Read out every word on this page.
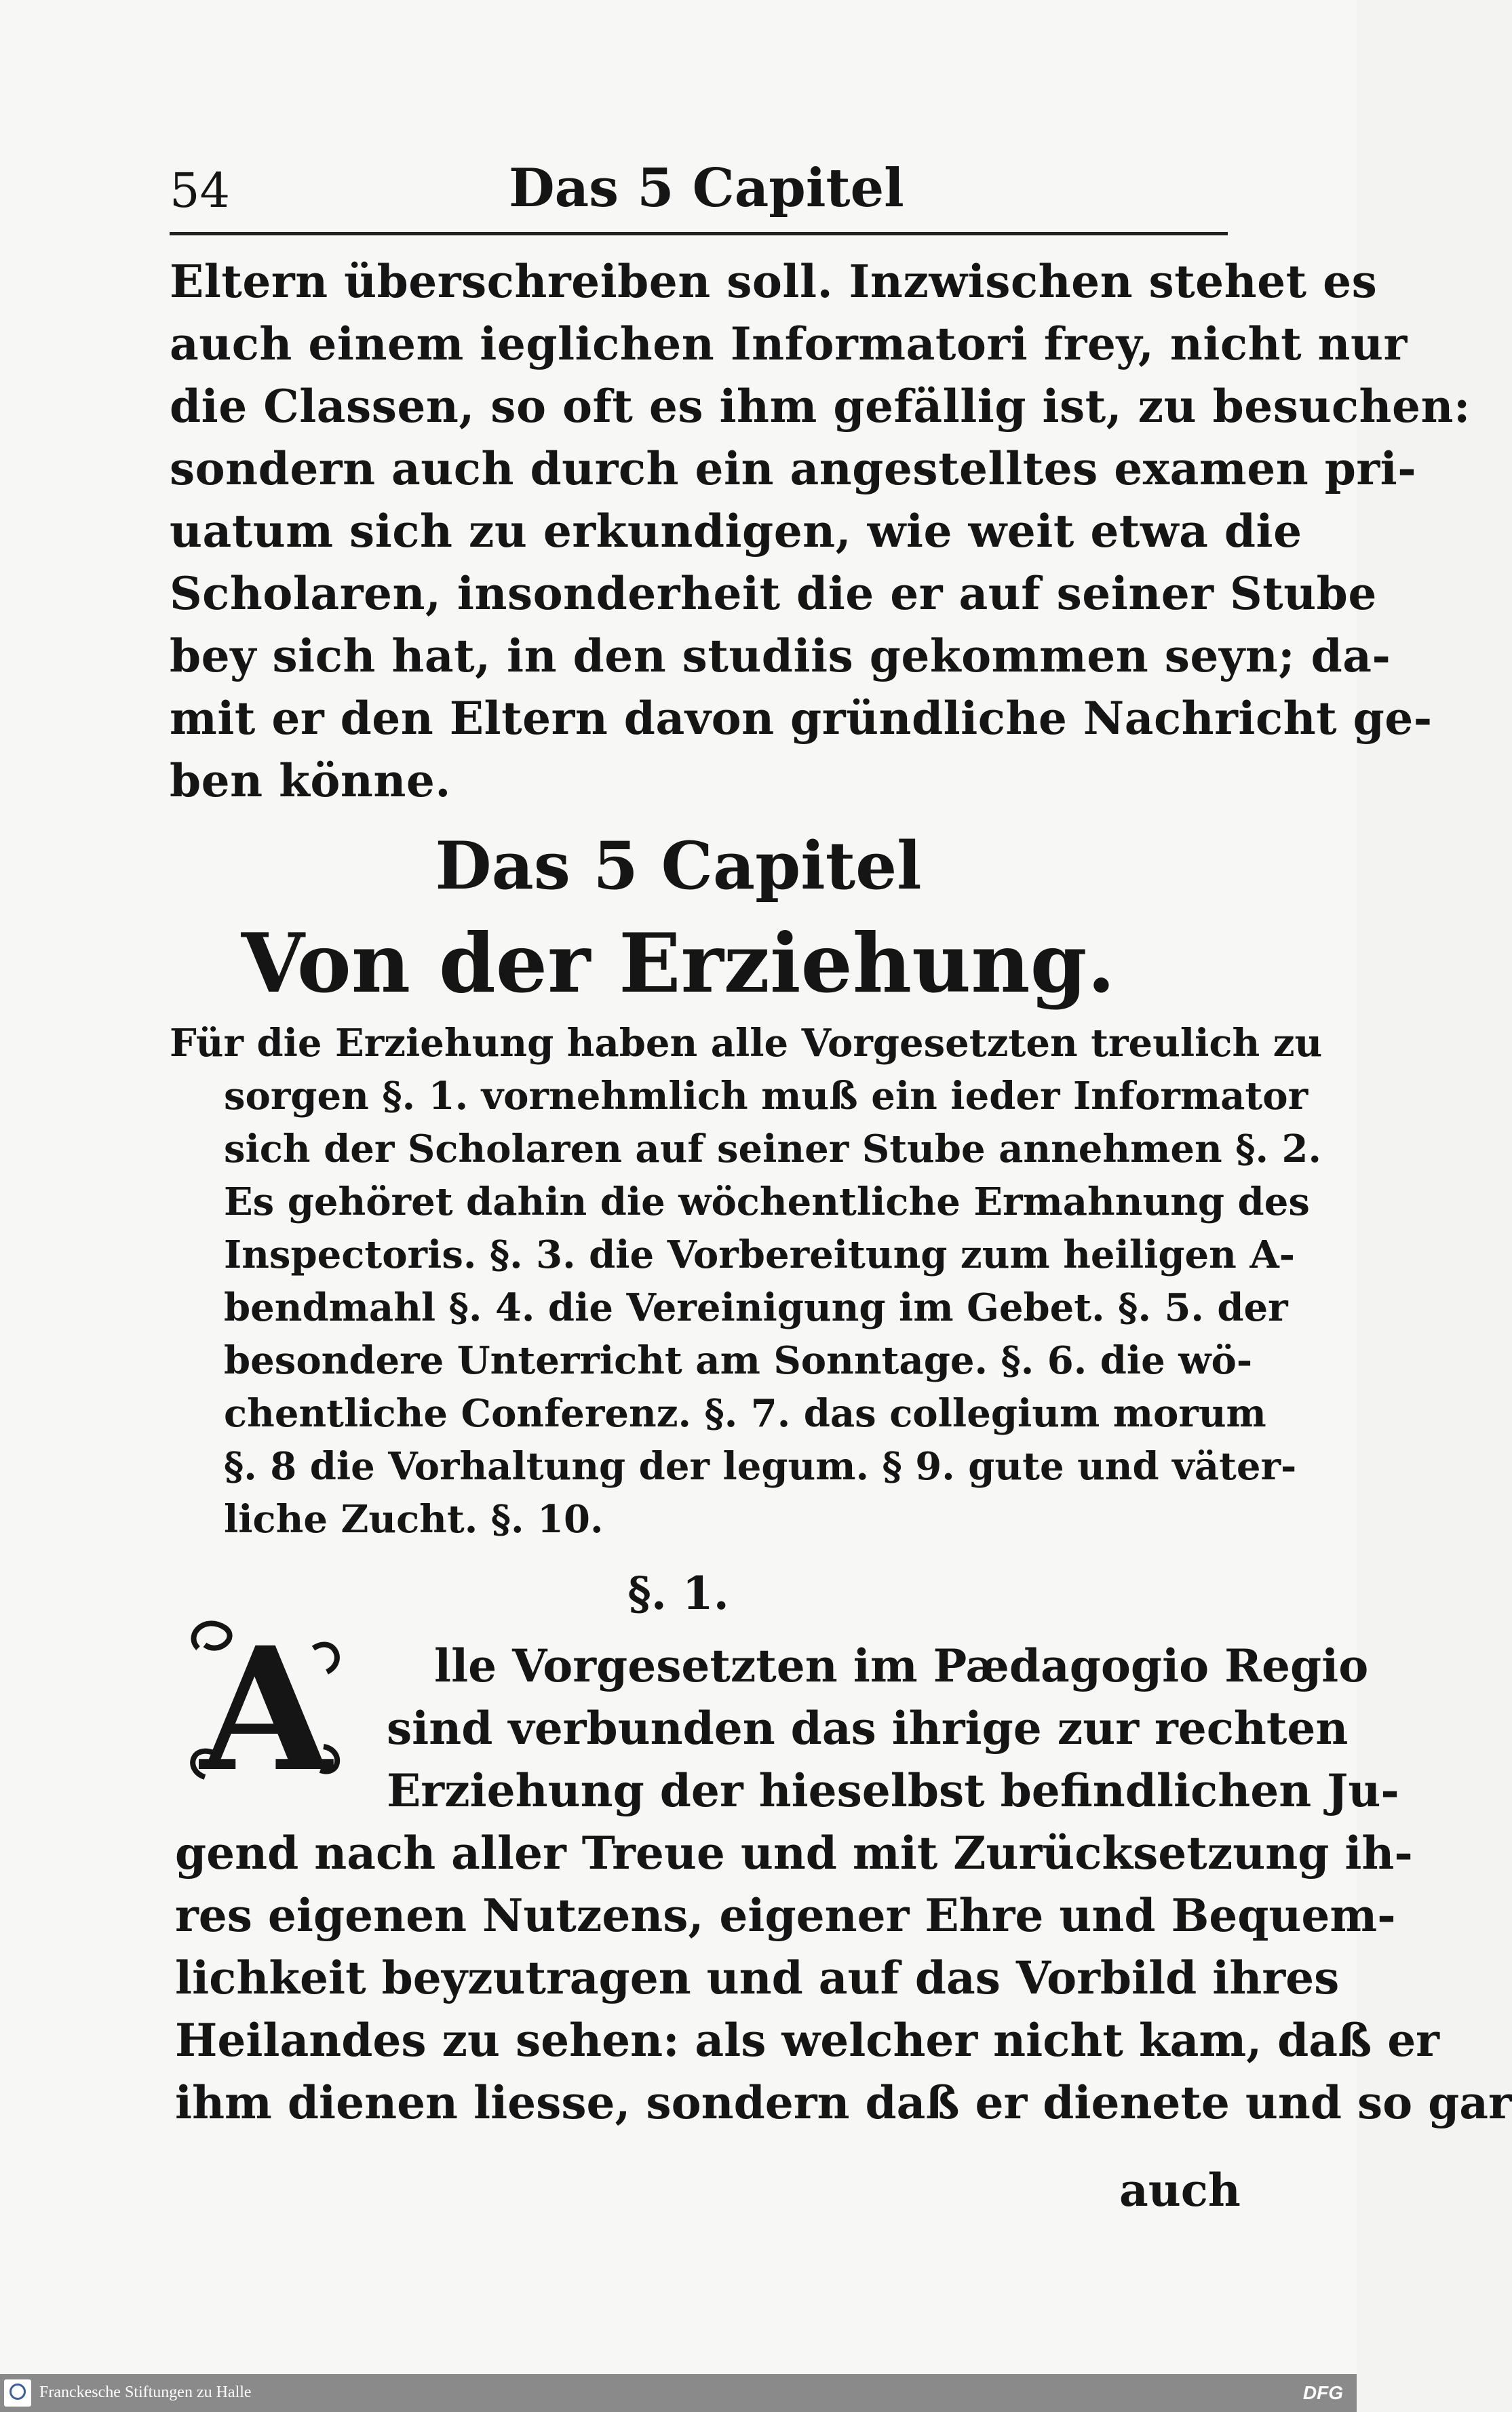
54	Das 5 Capitel
Eltern überschreiben soll. Inzwischen stehet es
auch einem ieglichen Informatori frey, nicht nur
die Classen, so oft es ihm gefällig ist, zu besuchen:
sondern auch durch ein angestelltes examen pri-
uatum sich zu erkundigen, wie weit etwa die
Scholaren, insonderheit die er auf seiner Stube
bey sich hat, in den studiis gekommen seyn; da-
mit er den Eltern davon gründliche Nachricht ge-
ben könne.
Das 5 Capitel
Von der Erziehung.
Für die Erziehung haben alle Vorgesetzten treulich zu
sorgen §. 1. vornehmlich muß ein ieder Informator
sich der Scholaren auf seiner Stube annehmen §. 2.
Es gehöret dahin die wöchentliche Ermahnung des
Inspectoris. §. 3. die Vorbereitung zum heiligen A-
bendmahl §. 4. die Vereinigung im Gebet. §. 5. der
besondere Unterricht am Sonntage. §. 6. die wö-
chentliche Conferenz. §. 7. das collegium morum
§. 8 die Vorhaltung der legum. § 9. gute und väter-
liche Zucht. §. 10.
§. 1.
A lle Vorgesetzten im Pædagogio Regio
sind verbunden das ihrige zur rechten
Erziehung der hieselbst befindlichen Ju-
gend nach aller Treue und mit Zurücksetzung ih-
res eigenen Nutzens, eigener Ehre und Bequem-
lichkeit beyzutragen und auf das Vorbild ihres
Heilandes zu sehen: als welcher nicht kam, daß er
ihm dienen liesse, sondern daß er dienete und so gar
auch
Franckesche Stiftungen zu Halle	DFG
